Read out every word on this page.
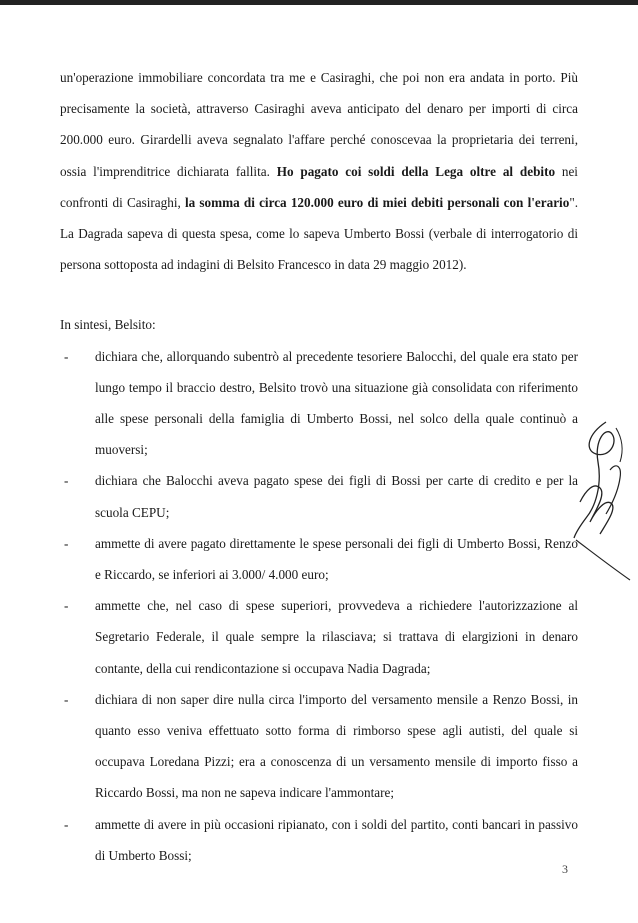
un'operazione immobiliare concordata tra me e Casiraghi, che poi non era andata in porto. Più precisamente la società, attraverso Casiraghi aveva anticipato del denaro per importi di circa 200.000 euro. Girardelli aveva segnalato l'affare perché conoscevaa la proprietaria dei terreni, ossia l'imprenditrice dichiarata fallita. Ho pagato coi soldi della Lega oltre al debito nei confronti di Casiraghi, la somma di circa 120.000 euro di miei debiti personali con l'erario". La Dagrada sapeva di questa spesa, come lo sapeva Umberto Bossi (verbale di interrogatorio di persona sottoposta ad indagini di Belsito Francesco in data 29 maggio 2012).

In sintesi, Belsito:

- dichiara che, allorquando subentrò al precedente tesoriere Balocchi, del quale era stato per lungo tempo il braccio destro, Belsito trovò una situazione già consolidata con riferimento alle spese personali della famiglia di Umberto Bossi, nel solco della quale continuò a muoversi;
- dichiara che Balocchi aveva pagato spese dei figli di Bossi per carte di credito e per la scuola CEPU;
- ammette di avere pagato direttamente le spese personali dei figli di Umberto Bossi, Renzo e Riccardo, se inferiori ai 3.000/ 4.000 euro;
- ammette che, nel caso di spese superiori, provvedeva a richiedere l'autorizzazione al Segretario Federale, il quale sempre la rilasciava; si trattava di elargizioni in denaro contante, della cui rendicontazione si occupava Nadia Dagrada;
- dichiara di non saper dire nulla circa l'importo del versamento mensile a Renzo Bossi, in quanto esso veniva effettuato sotto forma di rimborso spese agli autisti, del quale si occupava Loredana Pizzi; era a conoscenza di un versamento mensile di importo fisso a Riccardo Bossi, ma non ne sapeva indicare l'ammontare;
- ammette di avere in più occasioni ripianato, con i soldi del partito, conti bancari in passivo di Umberto Bossi;
3
